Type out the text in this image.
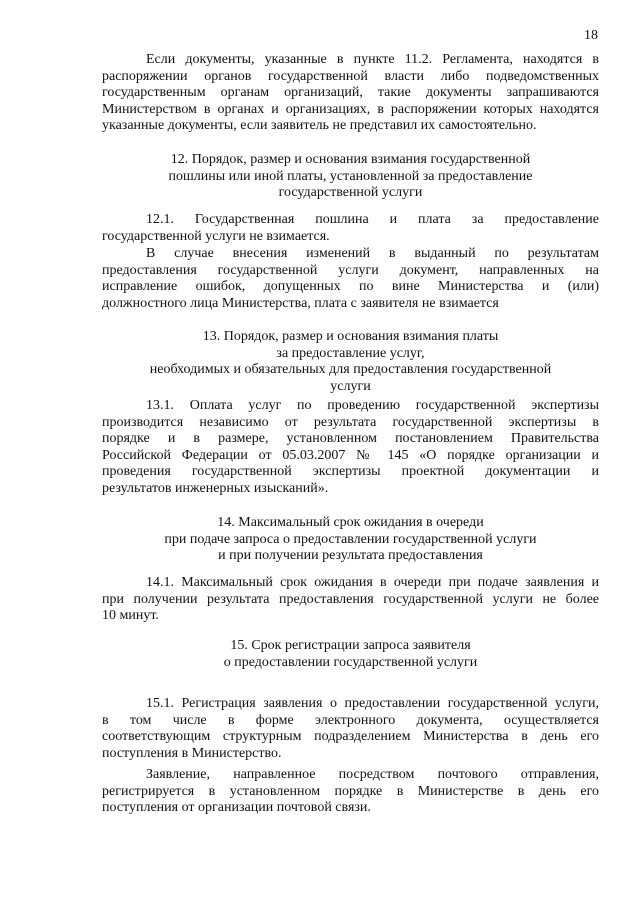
18
Если документы, указанные в пункте 11.2. Регламента, находятся в
распоряжении органов государственной власти либо подведомственных
государственным органам организаций, такие документы запрашиваются
Министерством в органах и организациях, в распоряжении которых находятся
указанные документы, если заявитель не представил их самостоятельно.
12. Порядок, размер и основания взимания государственной
пошлины или иной платы, установленной за предоставление
государственной услуги
12.1. Государственная пошлина и плата за предоставление
государственной услуги не взимается.
В случае внесения изменений в выданный по результатам
предоставления государственной услуги документ, направленных на
исправление ошибок, допущенных по вине Министерства и (или)
должностного лица Министерства, плата с заявителя не взимается
13. Порядок, размер и основания взимания платы
за предоставление услуг,
необходимых и обязательных для предоставления государственной
услуги
13.1. Оплата услуг по проведению государственной экспертизы
производится независимо от результата государственной экспертизы в
порядке и в размере, установленном постановлением Правительства
Российской Федерации от 05.03.2007 № 145 «О порядке организации и
проведения государственной экспертизы проектной документации и
результатов инженерных изысканий».
14. Максимальный срок ожидания в очереди
при подаче запроса о предоставлении государственной услуги
и при получении результата предоставления
14.1. Максимальный срок ожидания в очереди при подаче заявления и
при получении результата предоставления государственной услуги не более
10 минут.
15. Срок регистрации запроса заявителя
о предоставлении государственной услуги
15.1. Регистрация заявления о предоставлении государственной услуги,
в том числе в форме электронного документа, осуществляется
соответствующим структурным подразделением Министерства в день его
поступления в Министерство.
Заявление, направленное посредством почтового отправления,
регистрируется в установленном порядке в Министерстве в день его
поступления от организации почтовой связи.
